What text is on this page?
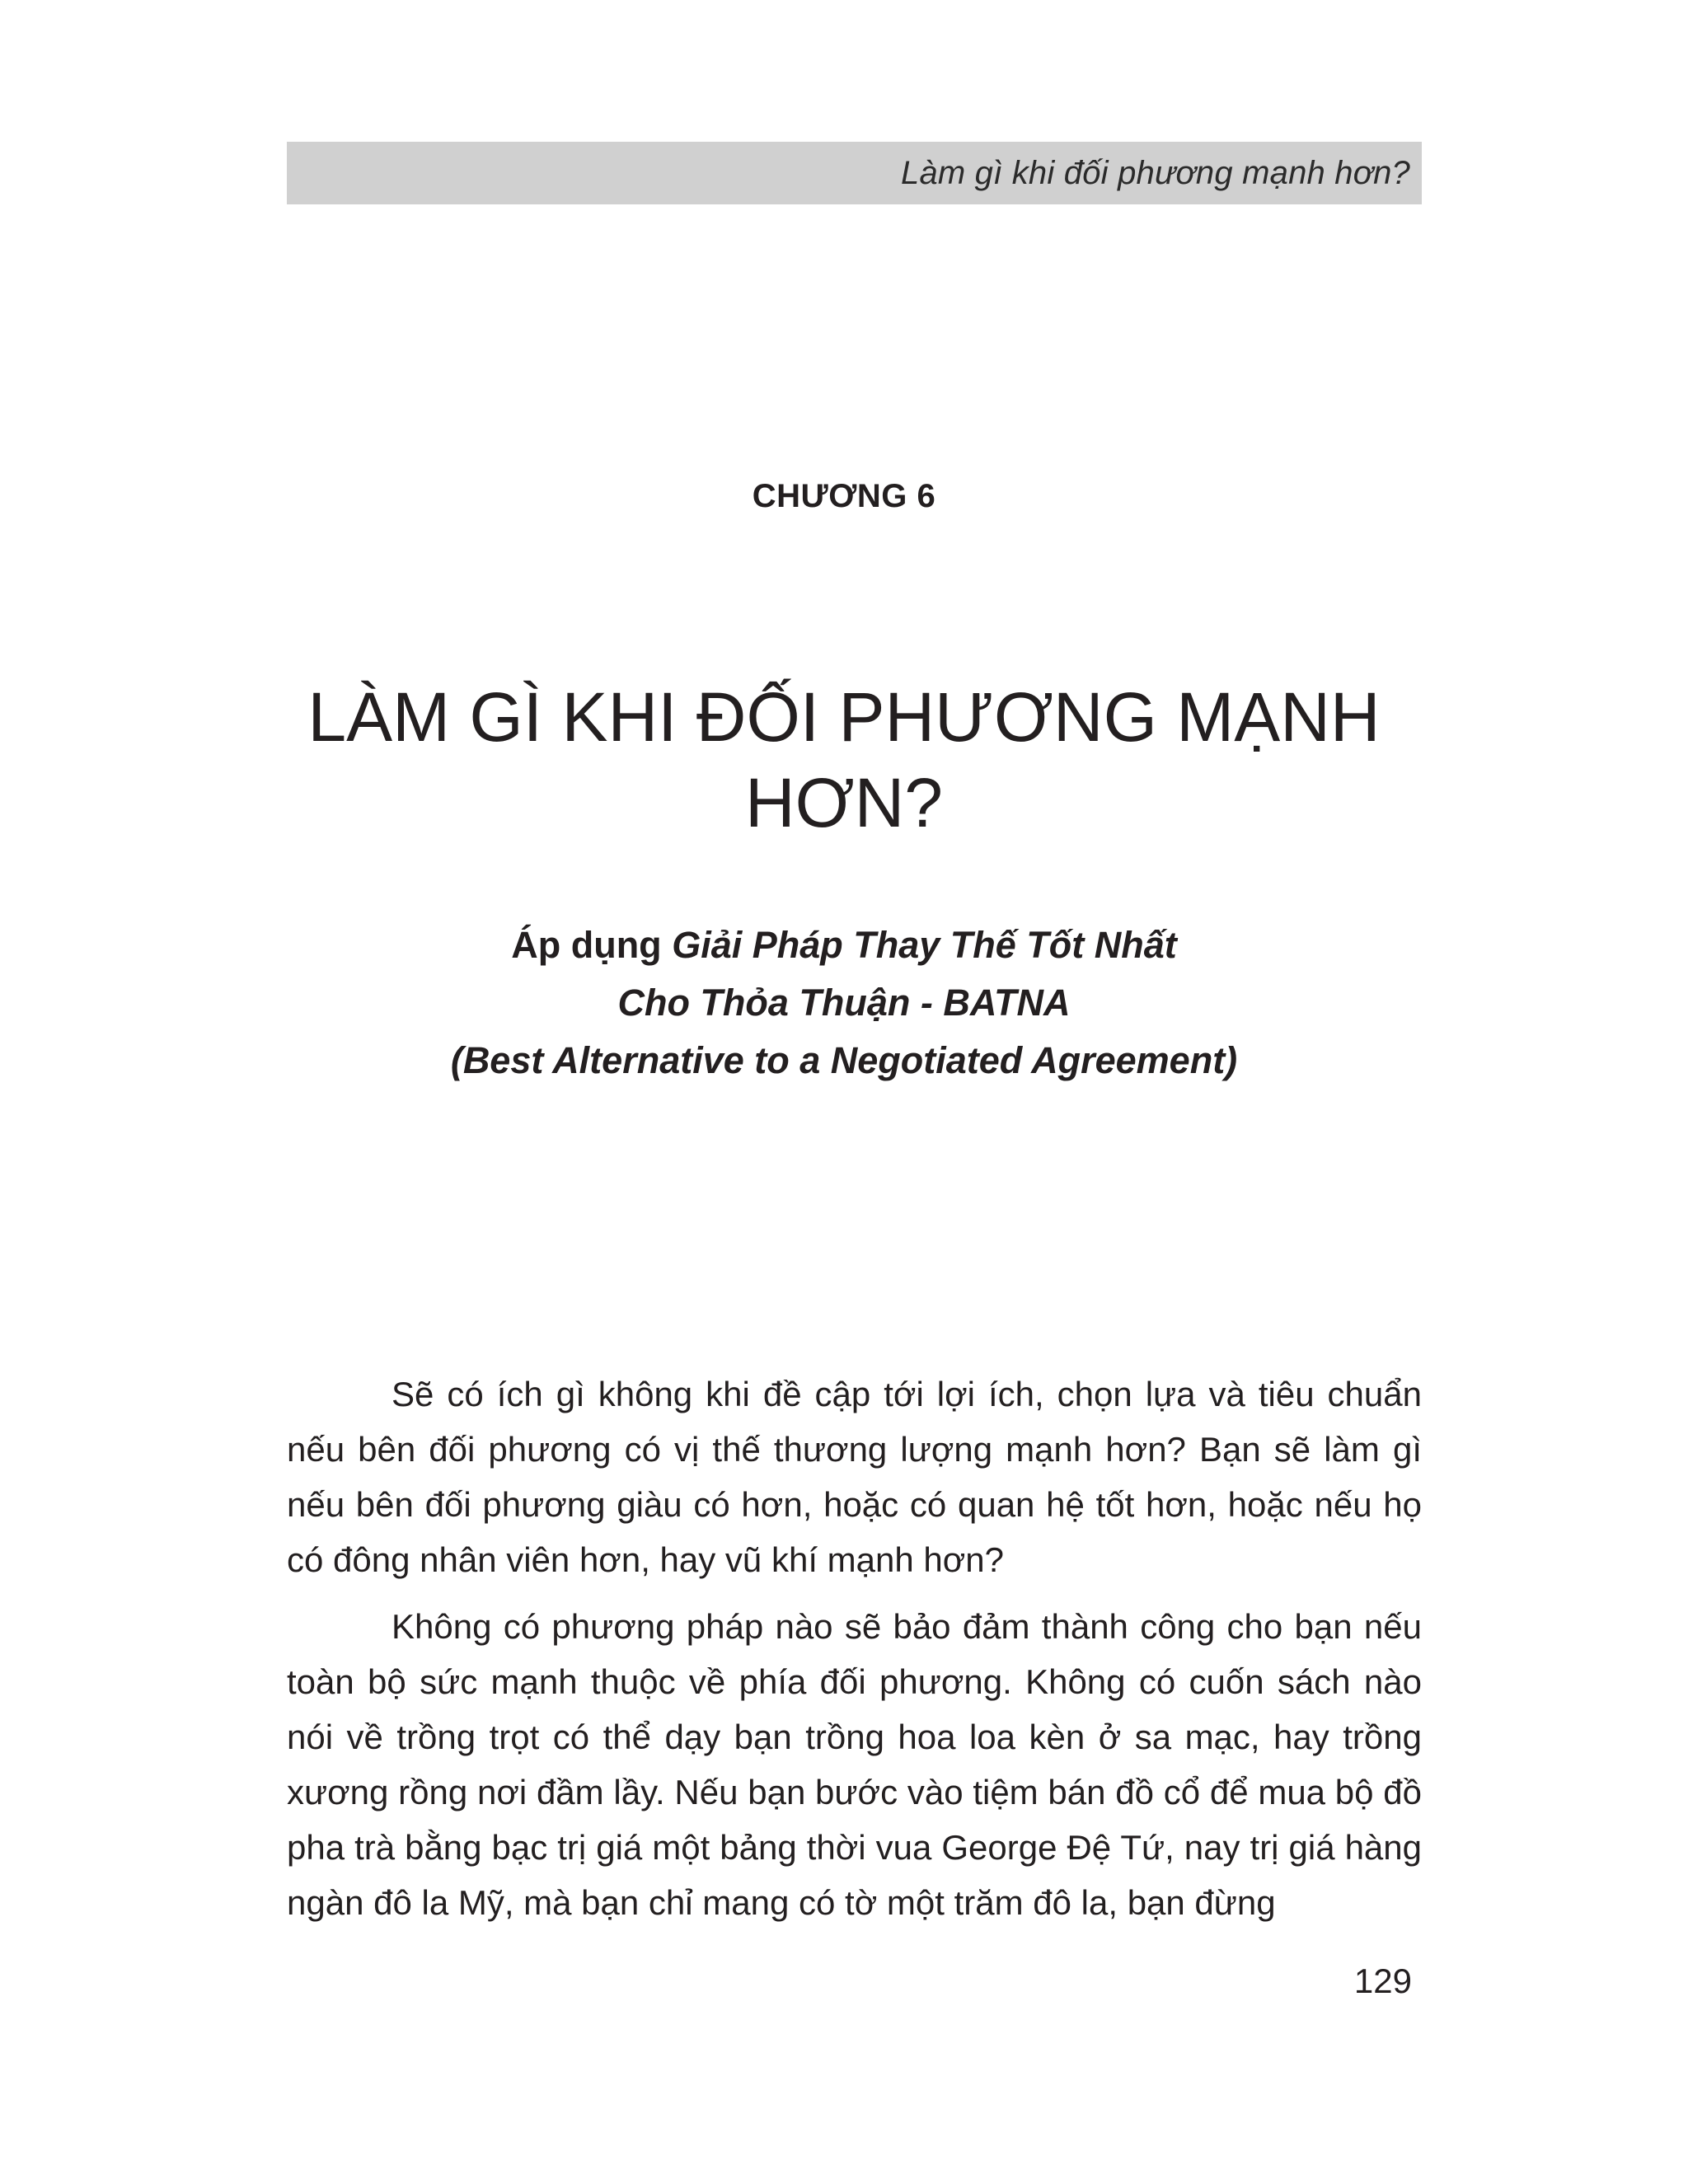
Làm gì khi đối phương mạnh hơn?
CHƯƠNG 6
LÀM GÌ KHI ĐỐI PHƯƠNG MẠNH HƠN?
Áp dụng Giải Pháp Thay Thế Tốt Nhất
Cho Thỏa Thuận - BATNA
(Best Alternative to a Negotiated Agreement)

Sẽ có ích gì không khi đề cập tới lợi ích, chọn lựa và tiêu chuẩn nếu bên đối phương có vị thế thương lượng mạnh hơn? Bạn sẽ làm gì nếu bên đối phương giàu có hơn, hoặc có quan hệ tốt hơn, hoặc nếu họ có đông nhân viên hơn, hay vũ khí mạnh hơn?

Không có phương pháp nào sẽ bảo đảm thành công cho bạn nếu toàn bộ sức mạnh thuộc về phía đối phương. Không có cuốn sách nào nói về trồng trọt có thể dạy bạn trồng hoa loa kèn ở sa mạc, hay trồng xương rồng nơi đầm lầy. Nếu bạn bước vào tiệm bán đồ cổ để mua bộ đồ pha trà bằng bạc trị giá một bảng thời vua George Đệ Tứ, nay trị giá hàng ngàn đô la Mỹ, mà bạn chỉ mang có tờ một trăm đô la, bạn đừng

129
